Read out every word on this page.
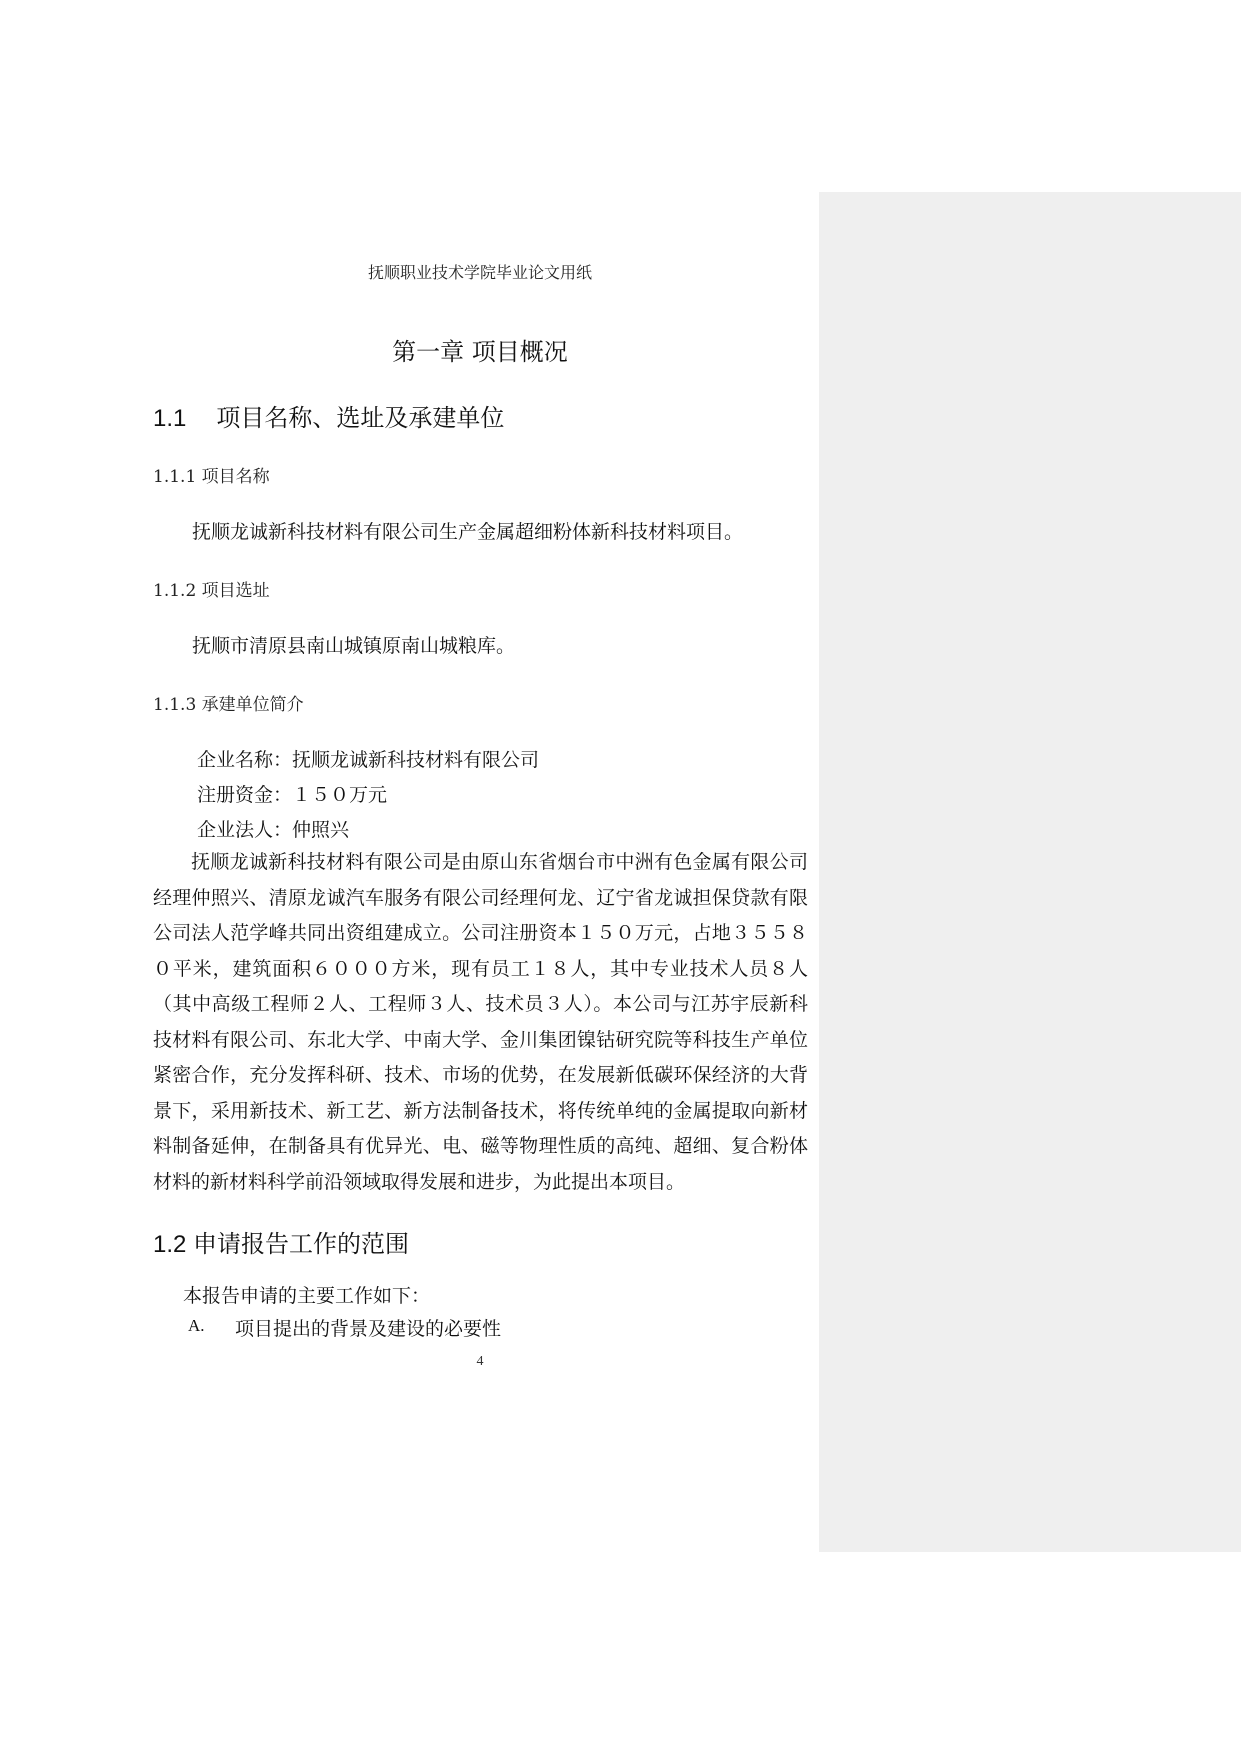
抚顺职业技术学院毕业论文用纸
第一章 项目概况
1.1 项目名称、选址及承建单位
1.1.1 项目名称
抚顺龙诚新科技材料有限公司生产金属超细粉体新科技材料项目。
1.1.2 项目选址
抚顺市清原县南山城镇原南山城粮库。
1.1.3 承建单位简介
企业名称：抚顺龙诚新科技材料有限公司
注册资金：１５０万元
企业法人：仲照兴
抚顺龙诚新科技材料有限公司是由原山东省烟台市中洲有色金属有限公司经理仲照兴、清原龙诚汽车服务有限公司经理何龙、辽宁省龙诚担保贷款有限公司法人范学峰共同出资组建成立。公司注册资本１５０万元，占地３５５８０平米，建筑面积６０００方米，现有员工１８人，其中专业技术人员８人（其中高级工程师２人、工程师３人、技术员３人）。本公司与江苏宇辰新科技材料有限公司、东北大学、中南大学、金川集团镍钴研究院等科技生产单位紧密合作，充分发挥科研、技术、市场的优势，在发展新低碳环保经济的大背景下，采用新技术、新工艺、新方法制备技术，将传统单纯的金属提取向新材料制备延伸，在制备具有优异光、电、磁等物理性质的高纯、超细、复合粉体材料的新材料科学前沿领域取得发展和进步，为此提出本项目。
1.2 申请报告工作的范围
本报告申请的主要工作如下：
A. 项目提出的背景及建设的必要性
4
